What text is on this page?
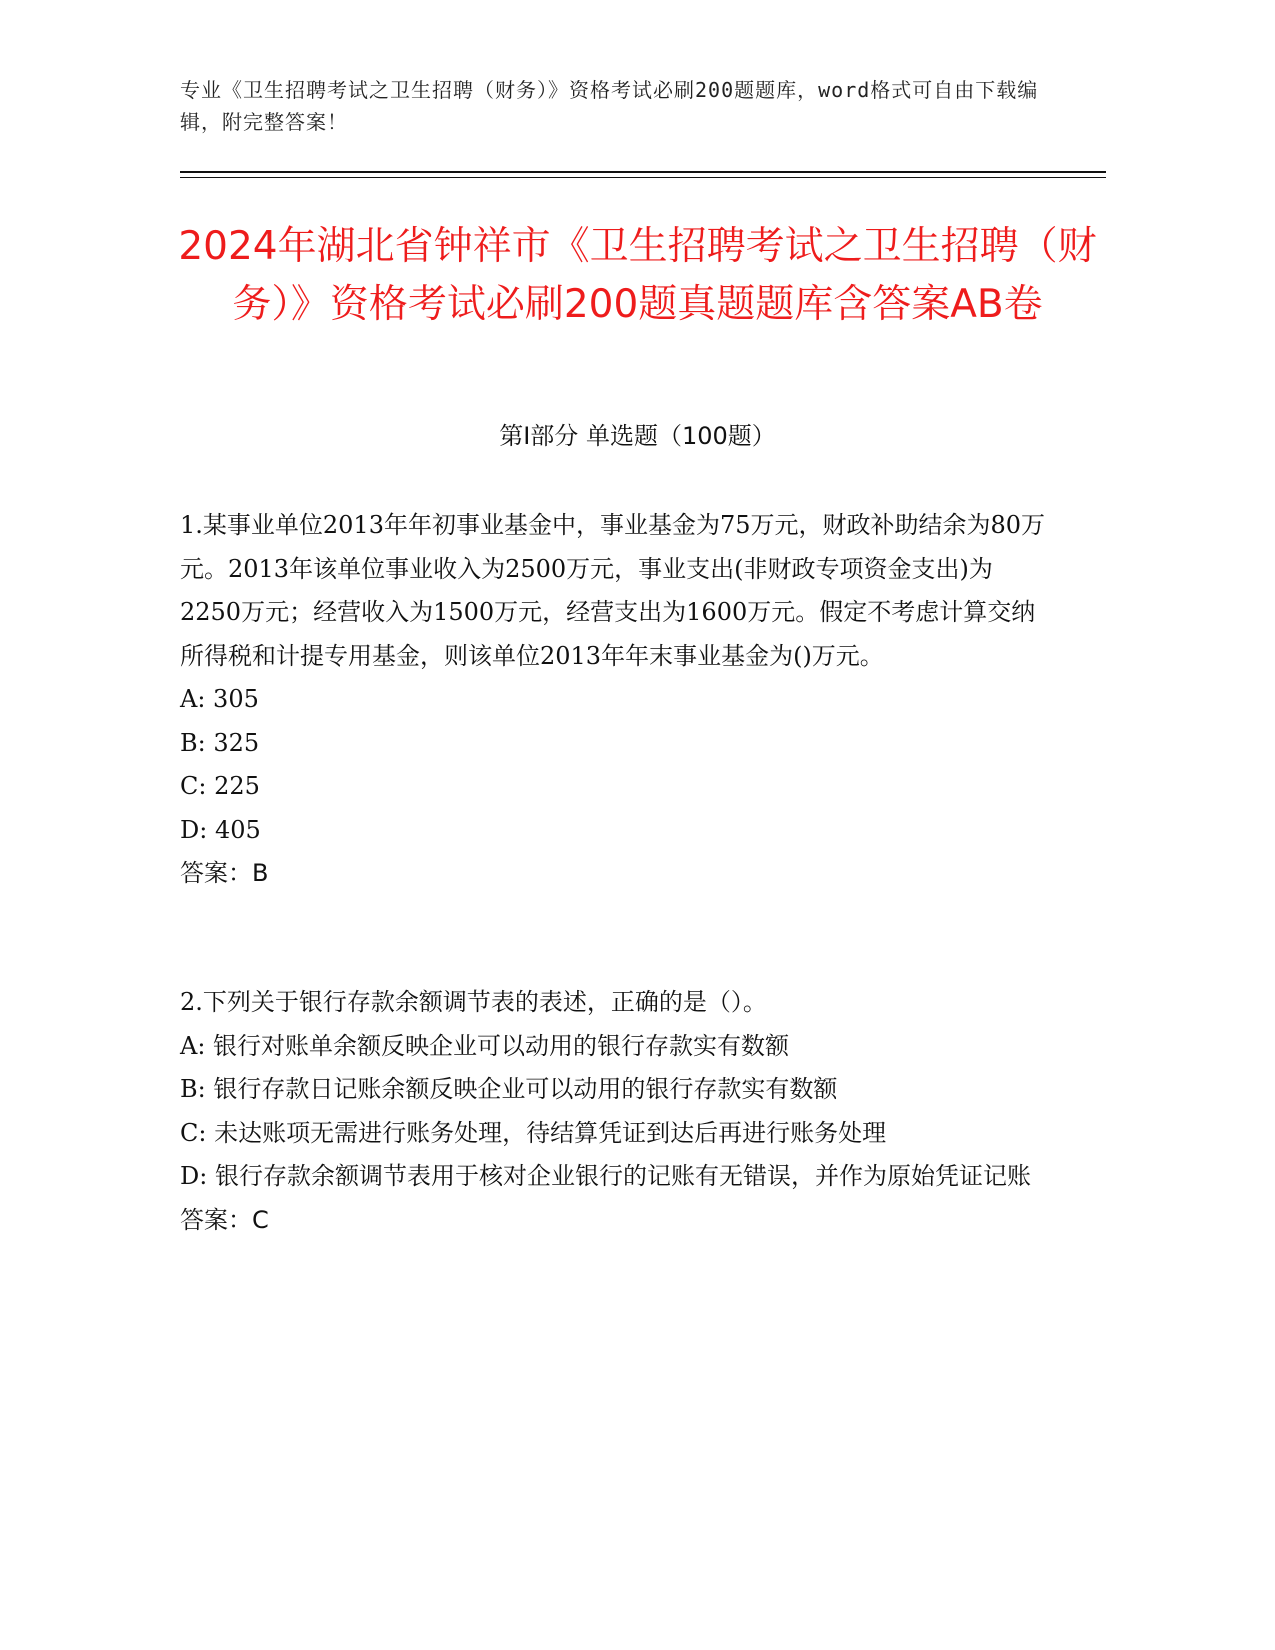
专业《卫生招聘考试之卫生招聘（财务）》资格考试必刷200题题库，word格式可自由下载编辑，附完整答案！
2024年湖北省钟祥市《卫生招聘考试之卫生招聘（财务）》资格考试必刷200题真题题库含答案AB卷
第Ⅰ部分 单选题（100题）

1.某事业单位2013年年初事业基金中，事业基金为75万元，财政补助结余为80万元。2013年该单位事业收入为2500万元，事业支出(非财政专项资金支出)为2250万元；经营收入为1500万元，经营支出为1600万元。假定不考虑计算交纳所得税和计提专用基金，则该单位2013年年末事业基金为()万元。

A: 305

B: 325

C: 225

D: 405

答案：B

2.下列关于银行存款余额调节表的表述，正确的是（）。

A: 银行对账单余额反映企业可以动用的银行存款实有数额

B: 银行存款日记账余额反映企业可以动用的银行存款实有数额

C: 未达账项无需进行账务处理，待结算凭证到达后再进行账务处理

D: 银行存款余额调节表用于核对企业银行的记账有无错误，并作为原始凭证记账

答案：C
